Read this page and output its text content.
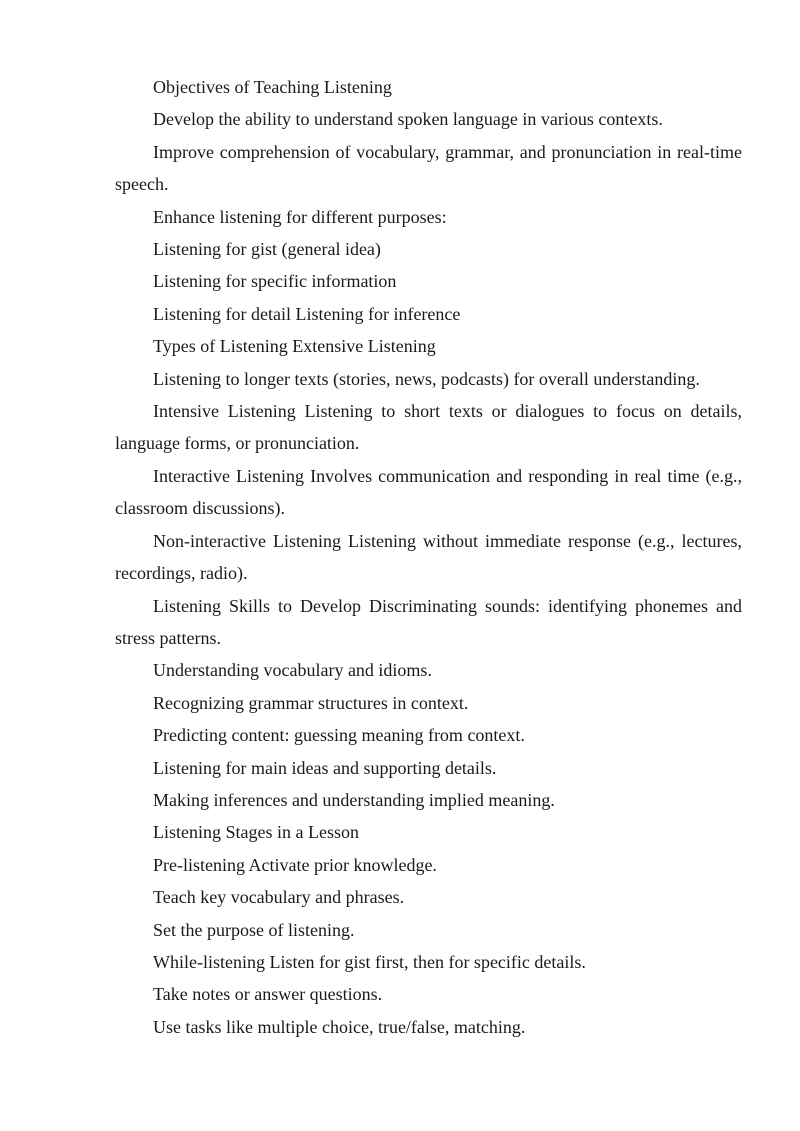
Objectives of Teaching Listening

Develop the ability to understand spoken language in various contexts.

Improve comprehension of vocabulary, grammar, and pronunciation in real-time speech.

Enhance listening for different purposes:

Listening for gist (general idea)

Listening for specific information

Listening for detail Listening for inference

Types of Listening Extensive Listening

Listening to longer texts (stories, news, podcasts) for overall understanding.

Intensive Listening Listening to short texts or dialogues to focus on details, language forms, or pronunciation.

Interactive Listening Involves communication and responding in real time (e.g., classroom discussions).

Non-interactive Listening Listening without immediate response (e.g., lectures, recordings, radio).

Listening Skills to Develop Discriminating sounds: identifying phonemes and stress patterns.

Understanding vocabulary and idioms.

Recognizing grammar structures in context.

Predicting content: guessing meaning from context.

Listening for main ideas and supporting details.

Making inferences and understanding implied meaning.

Listening Stages in a Lesson

Pre-listening Activate prior knowledge.

Teach key vocabulary and phrases.

Set the purpose of listening.

While-listening Listen for gist first, then for specific details.

Take notes or answer questions.

Use tasks like multiple choice, true/false, matching.
